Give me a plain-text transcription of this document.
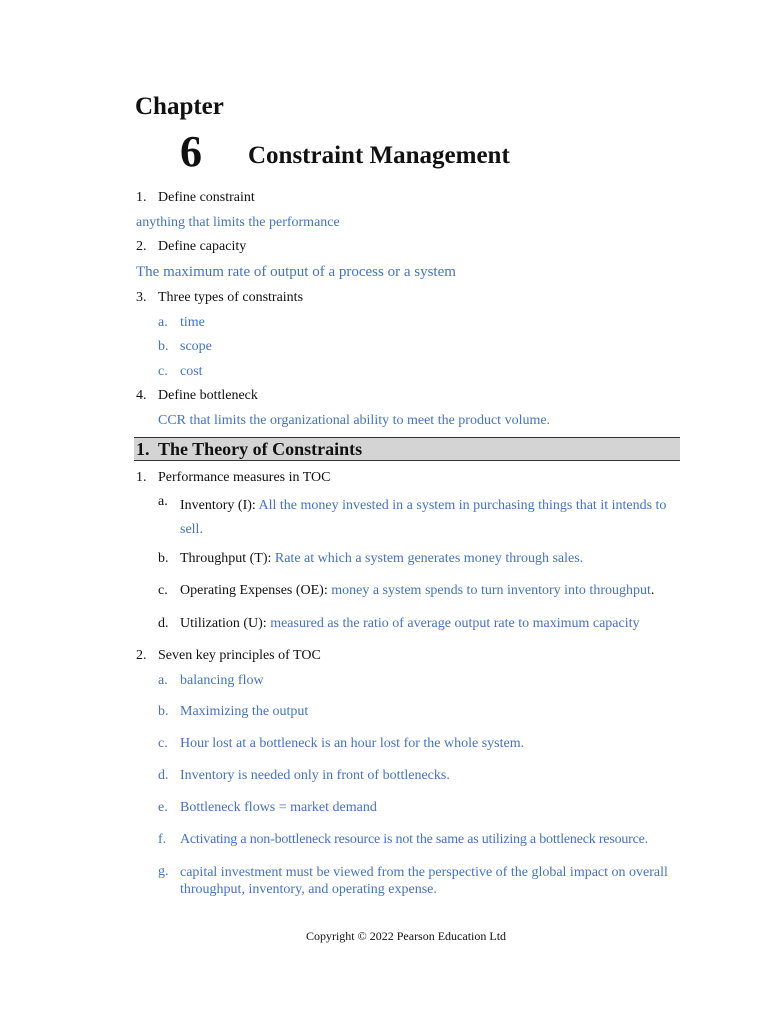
Chapter
6 Constraint Management
1. Define constraint
anything that limits the performance
2. Define capacity
The maximum rate of output of a process or a system
3. Three types of constraints
a. time
b. scope
c. cost
4. Define bottleneck
CCR that limits the organizational ability to meet the product volume.
1. The Theory of Constraints
1. Performance measures in TOC
a. Inventory (I): All the money invested in a system in purchasing things that it intends to sell.
b. Throughput (T): Rate at which a system generates money through sales.
c. Operating Expenses (OE): money a system spends to turn inventory into throughput.
d. Utilization (U): measured as the ratio of average output rate to maximum capacity
2. Seven key principles of TOC
a. balancing flow
b. Maximizing the output
c. Hour lost at a bottleneck is an hour lost for the whole system.
d. Inventory is needed only in front of bottlenecks.
e. Bottleneck flows = market demand
f. Activating a non-bottleneck resource is not the same as utilizing a bottleneck resource.
g. capital investment must be viewed from the perspective of the global impact on overall throughput, inventory, and operating expense.
Copyright © 2022 Pearson Education Ltd
